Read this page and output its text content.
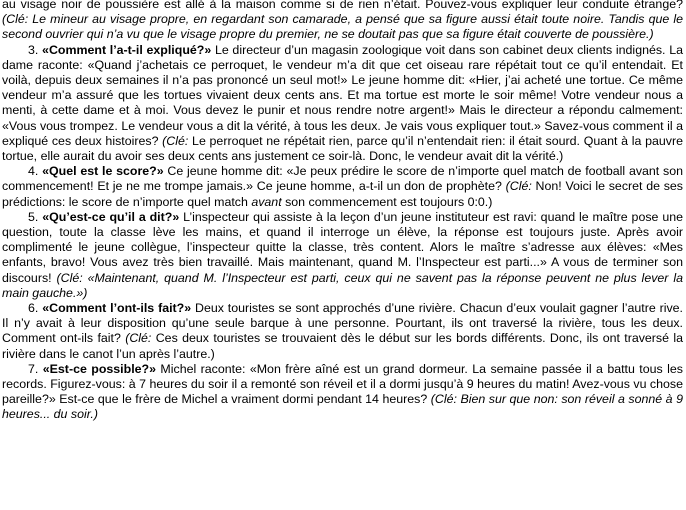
au visage noir de poussière est allé à la maison comme si de rien n’était. Pouvez-vous expliquer leur conduite étrange? (Clé: Le mineur au visage propre, en regardant son camarade, a pensé que sa figure aussi était toute noire. Tandis que le second ouvrier qui n’a vu que le visage propre du premier, ne se doutait pas que sa figure était couverte de poussière.)

3. «Comment l’a-t-il expliqué?» Le directeur d’un magasin zoologique voit dans son cabinet deux clients indignés. La dame raconte: «Quand j’achetais ce perroquet, le vendeur m’a dit que cet oiseau rare répétait tout ce qu’il entendait. Et voilà, depuis deux semaines il n’a pas prononcé un seul mot!» Le jeune homme dit: «Hier, j’ai acheté une tortue. Ce même vendeur m’a assuré que les tortues vivaient deux cents ans. Et ma tortue est morte le soir même! Votre vendeur nous a menti, à cette dame et à moi. Vous devez le punir et nous rendre notre argent!» Mais le directeur a répondu calmement: «Vous vous trompez. Le vendeur vous a dit la vérité, à tous les deux. Je vais vous expliquer tout.» Savez-vous comment il a expliqué ces deux histoires? (Clé: Le perroquet ne répétait rien, parce qu’il n’entendait rien: il était sourd. Quant à la pauvre tortue, elle aurait du avoir ses deux cents ans justement ce soir-là. Donc, le vendeur avait dit la vérité.)

4. «Quel est le score?» Ce jeune homme dit: «Je peux prédire le score de n’importe quel match de football avant son commencement! Et je ne me trompe jamais.» Ce jeune homme, a-t-il un don de prophète? (Clé: Non! Voici le secret de ses prédictions: le score de n’importe quel match avant son commencement est toujours 0:0.)

5. «Qu’est-ce qu’il a dit?» L’inspecteur qui assiste à la leçon d’un jeune instituteur est ravi: quand le maître pose une question, toute la classe lève les mains, et quand il interroge un élève, la réponse est toujours juste. Après avoir complimenté le jeune collègue, l’inspecteur quitte la classe, très content. Alors le maître s’adresse aux élèves: «Mes enfants, bravo! Vous avez très bien travaillé. Mais maintenant, quand M. l’Inspecteur est parti...» A vous de terminer son discours! (Clé: «Maintenant, quand M. l’Inspecteur est parti, ceux qui ne savent pas la réponse peuvent ne plus lever la main gauche.»)

6. «Comment l’ont-ils fait?» Deux touristes se sont approchés d’une rivière. Chacun d’eux voulait gagner l’autre rive. Il n’y avait à leur disposition qu’une seule barque à une personne. Pourtant, ils ont traversé la rivière, tous les deux. Comment ont-ils fait? (Clé: Ces deux touristes se trouvaient dès le début sur les bords différents. Donc, ils ont traversé la rivière dans le canot l’un après l’autre.)

7. «Est-ce possible?» Michel raconte: «Mon frère aîné est un grand dormeur. La semaine passée il a battu tous les records. Figurez-vous: à 7 heures du soir il a remonté son réveil et il a dormi jusqu’à 9 heures du matin! Avez-vous vu chose pareille?» Est-ce que le frère de Michel a vraiment dormi pendant 14 heures? (Clé: Bien sur que non: son réveil a sonné à 9 heures... du soir.)
